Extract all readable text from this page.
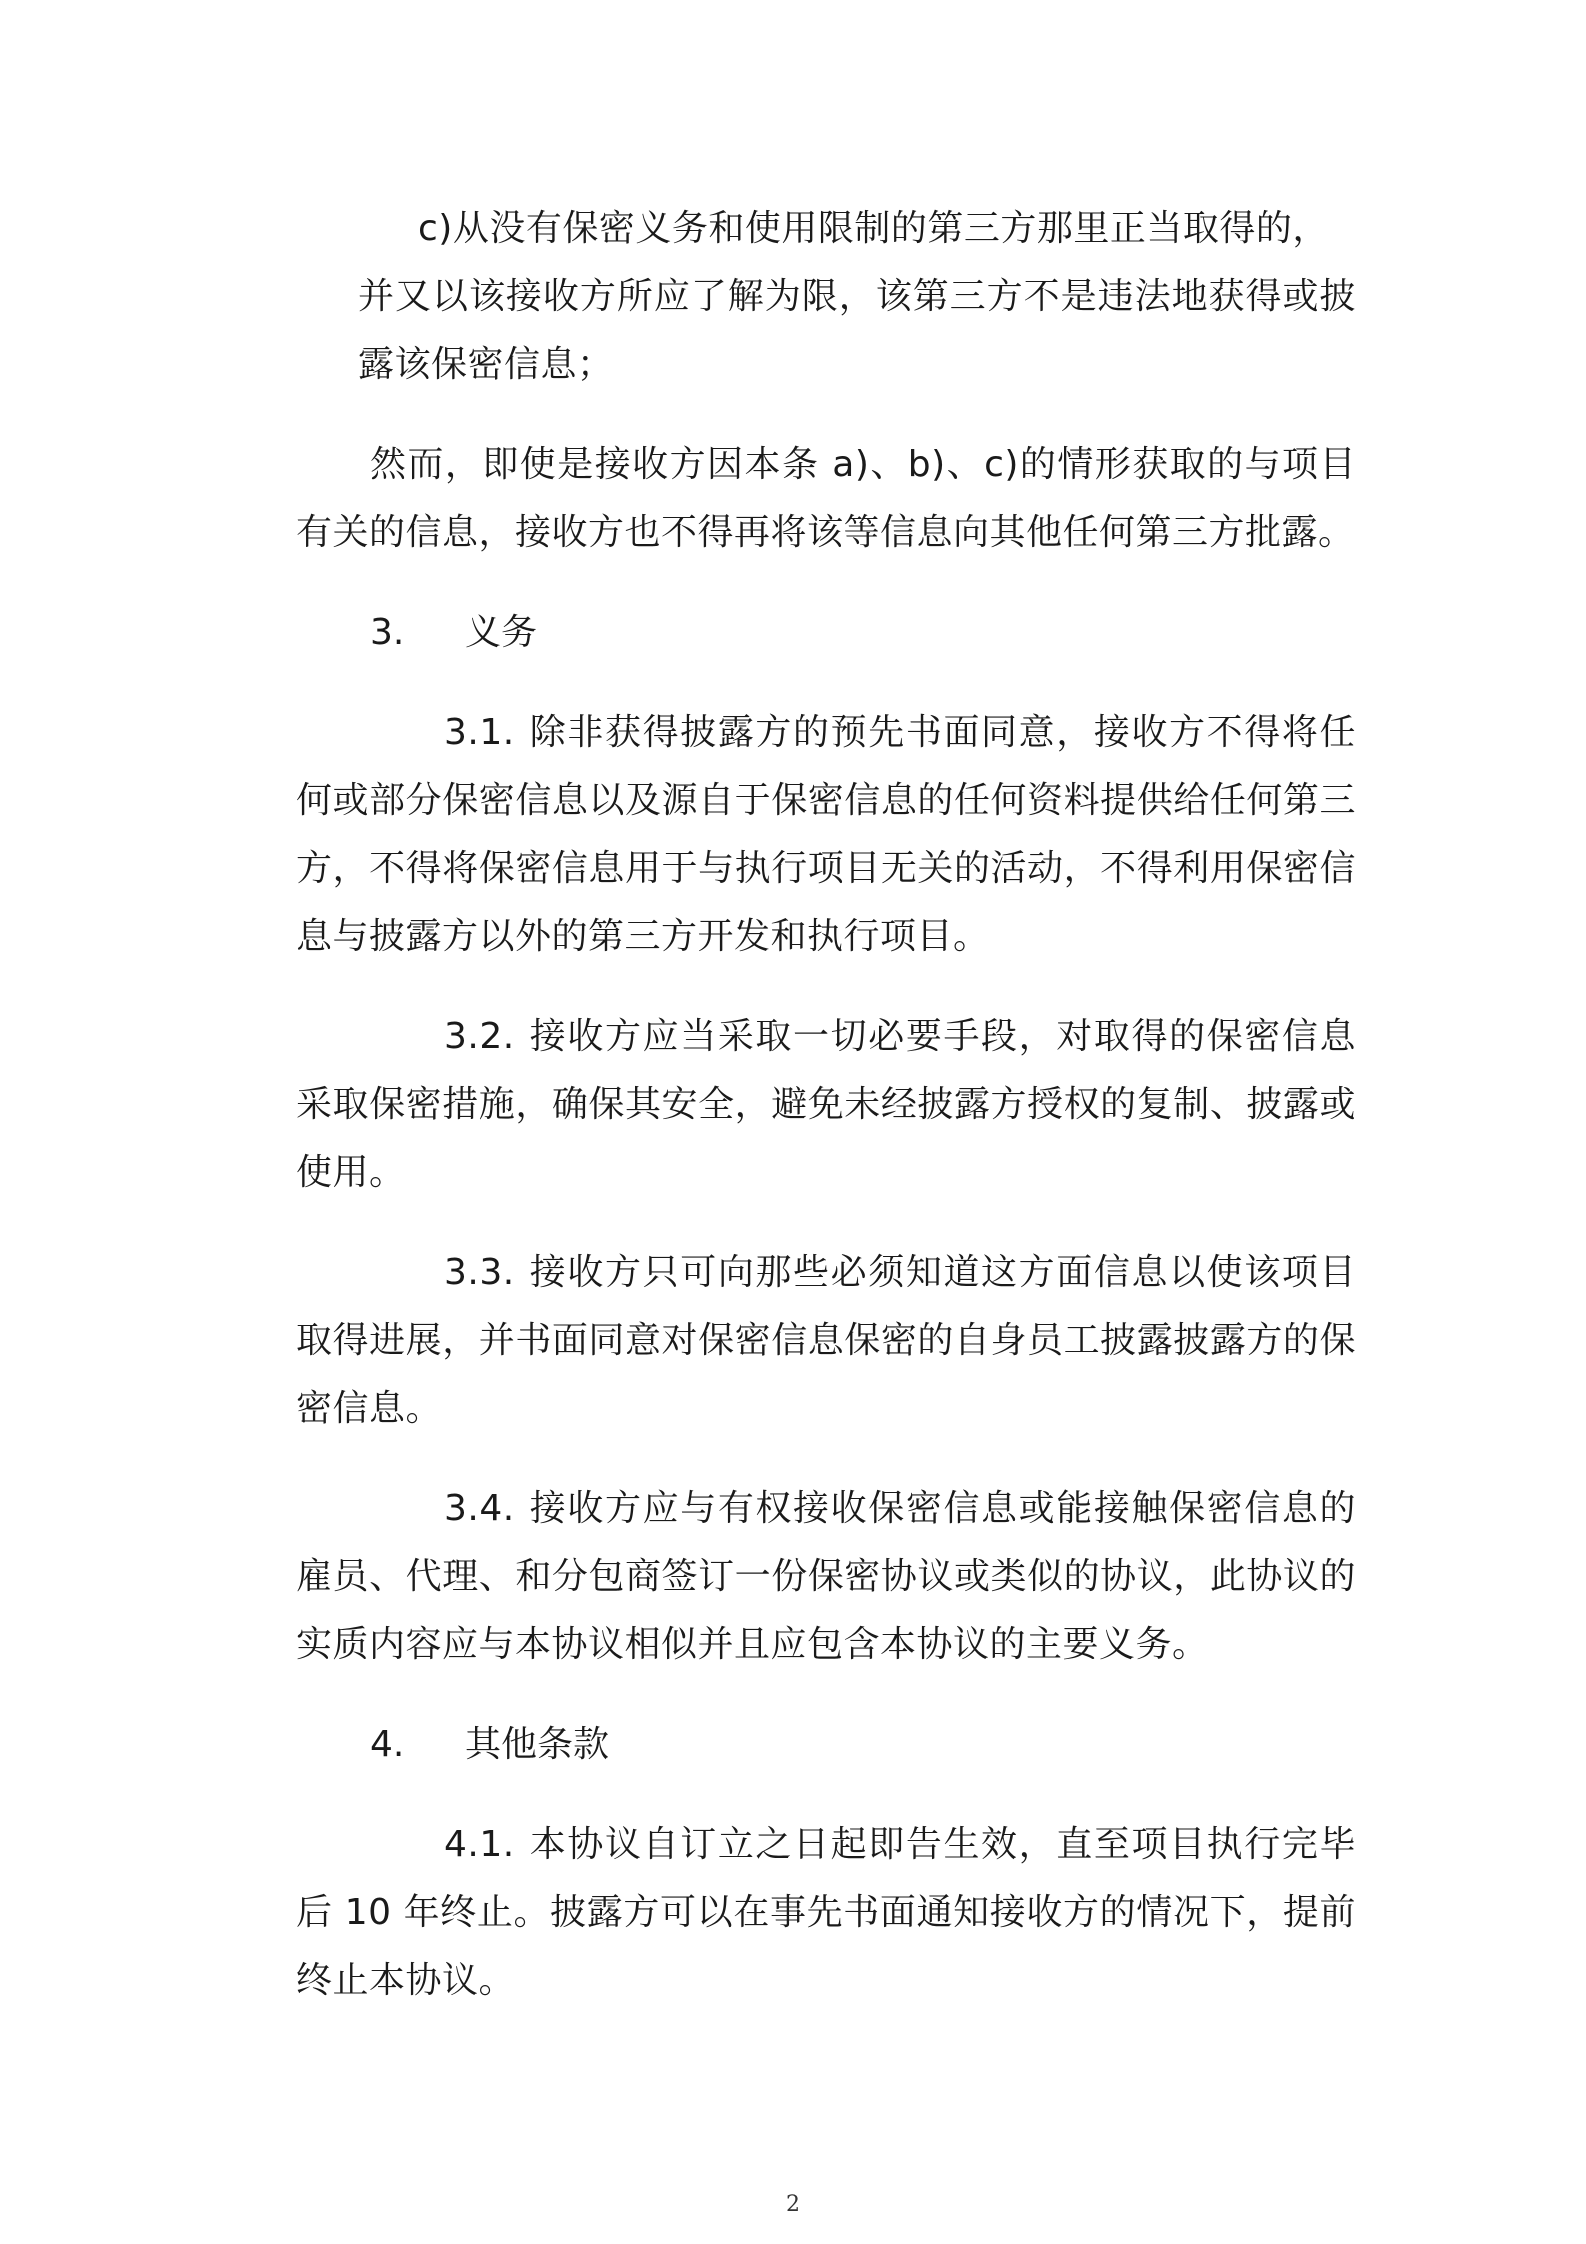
c)从没有保密义务和使用限制的第三方那里正当取得的，
并又以该接收方所应了解为限，该第三方不是违法地获得或披露该保密信息；

然而，即使是接收方因本条 a)、b)、c)的情形获取的与项目有关的信息，接收方也不得再将该等信息向其他任何第三方批露。

3. 义务

3.1. 除非获得披露方的预先书面同意，接收方不得将任何或部分保密信息以及源自于保密信息的任何资料提供给任何第三方，不得将保密信息用于与执行项目无关的活动，不得利用保密信息与披露方以外的第三方开发和执行项目。

3.2. 接收方应当采取一切必要手段，对取得的保密信息采取保密措施，确保其安全，避免未经披露方授权的复制、披露或使用。

3.3. 接收方只可向那些必须知道这方面信息以使该项目取得进展，并书面同意对保密信息保密的自身员工披露披露方的保密信息。

3.4. 接收方应与有权接收保密信息或能接触保密信息的雇员、代理、和分包商签订一份保密协议或类似的协议，此协议的实质内容应与本协议相似并且应包含本协议的主要义务。

4. 其他条款

4.1. 本协议自订立之日起即告生效，直至项目执行完毕后 10 年终止。披露方可以在事先书面通知接收方的情况下，提前终止本协议。

2
